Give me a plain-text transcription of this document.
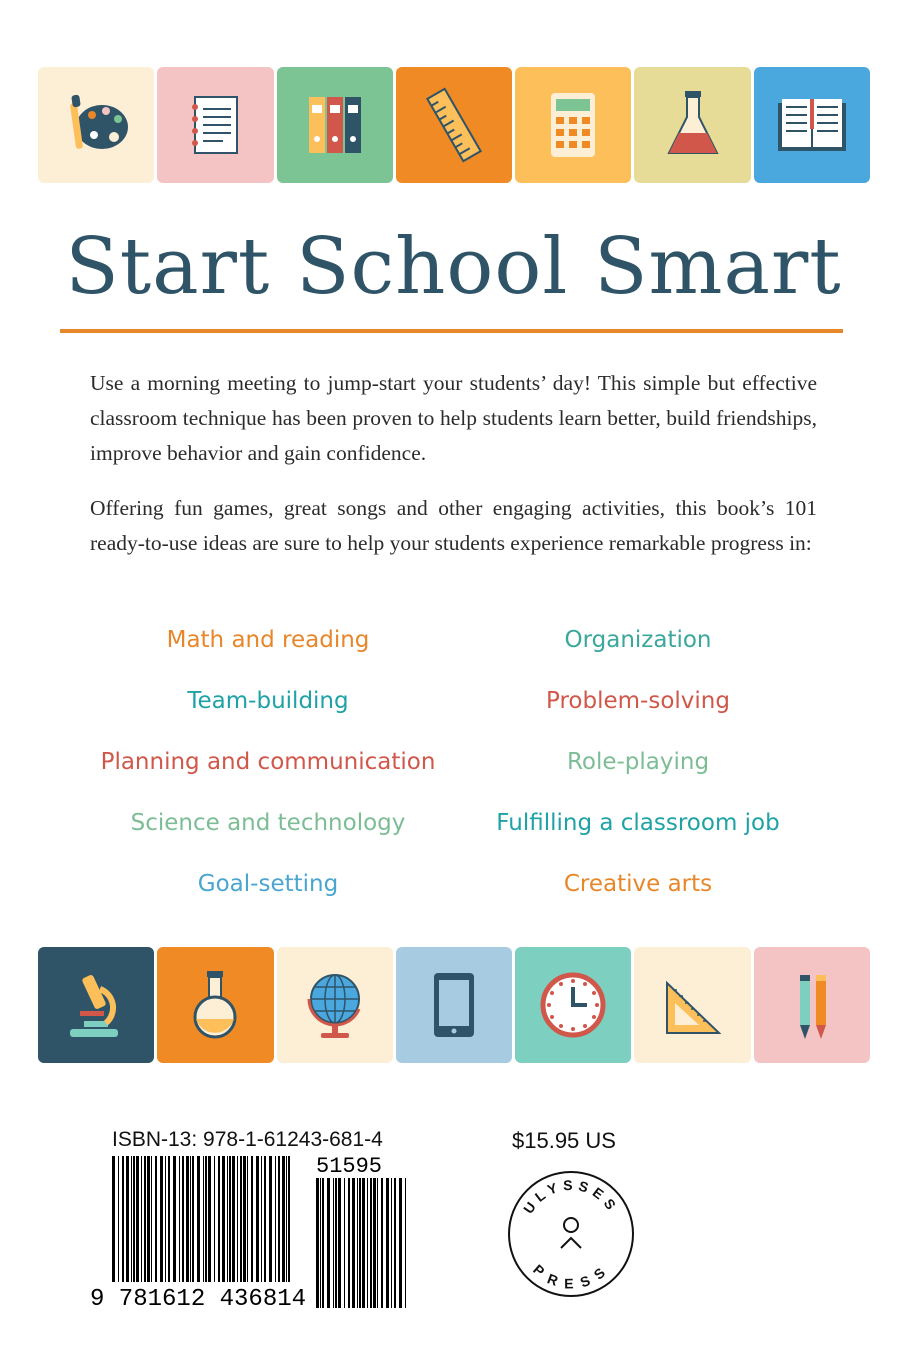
Start School Smart

Use a morning meeting to jump-start your students’ day! This simple but effective classroom technique has been proven to help students learn better, build friendships, improve behavior and gain confidence.

Offering fun games, great songs and other engaging activities, this book’s 101 ready-to-use ideas are sure to help your students experience remarkable progress in:

Math and reading	Organization
Team-building	Problem-solving
Planning and communication	Role-playing
Science and technology	Fulfilling a classroom job
Goal-setting	Creative arts
ISBN-13: 978-1-61243-681-4	$15.95 US
9 781612 436814
51595
ULYSSES
PRESS
